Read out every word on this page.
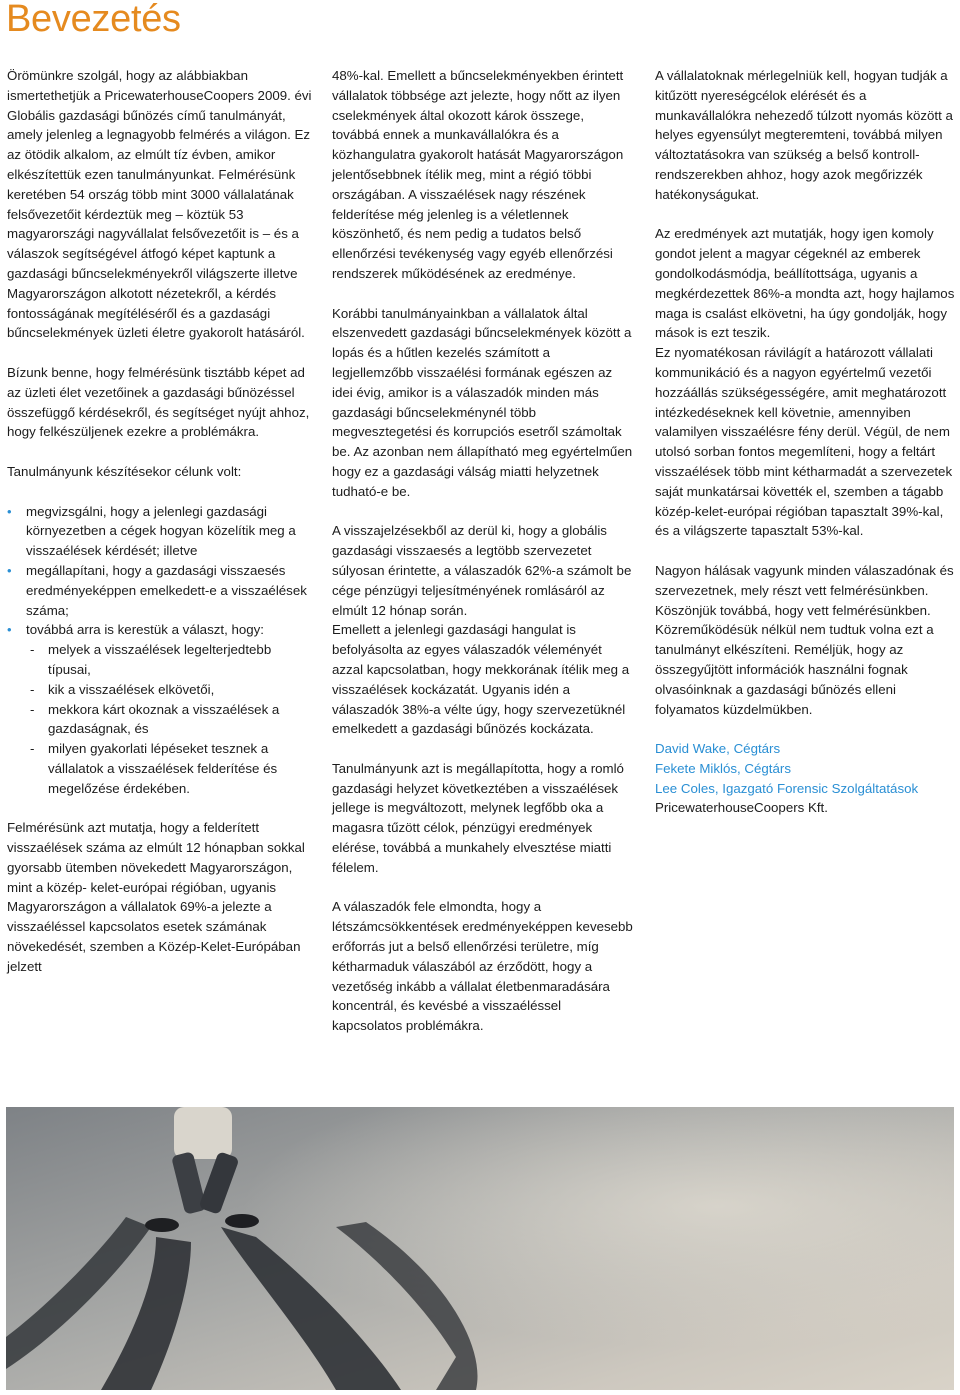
Bevezetés

Örömünkre szolgál, hogy az alábbiakban ismertethetjük a PricewaterhouseCoopers 2009. évi Globális gazdasági bűnözés című tanulmányát, amely jelenleg a legnagyobb felmérés a világon. Ez az ötödik alkalom, az elmúlt tíz évben, amikor elkészítettük ezen tanulmányunkat. Felmérésünk keretében 54 ország több mint 3000 vállalatának felsővezetőit kérdeztük meg – köztük 53 magyarországi nagyvállalat felsővezetőit is – és a válaszok segítségével átfogó képet kaptunk a gazdasági bűncselekményekről világszerte illetve Magyarországon alkotott nézetekről, a kérdés fontosságának megítéléséről és a gazdasági bűncselekmények üzleti életre gyakorolt hatásáról.

Bízunk benne, hogy felmérésünk tisztább képet ad az üzleti élet vezetőinek a gazdasági bűnözéssel összefüggő kérdésekről, és segítséget nyújt ahhoz, hogy felkészüljenek ezekre a problémákra.

Tanulmányunk készítésekor célunk volt:

•	megvizsgálni, hogy a jelenlegi gazdasági környezetben a cégek hogyan közelítik meg a visszaélések kérdését; illetve
•	megállapítani, hogy a gazdasági visszaesés eredményeképpen emelkedett-e a visszaélések száma;
•	továbbá arra is kerestük a választ, hogy:
-	melyek a visszaélések legelterjedtebb típusai,
-	kik a visszaélések elkövetői,
-	mekkora kárt okoznak a visszaélések a gazdaságnak, és
-	milyen gyakorlati lépéseket tesznek a vállalatok a visszaélések felderítése és megelőzése érdekében.

Felmérésünk azt mutatja, hogy a felderített visszaélések száma az elmúlt 12 hónapban sokkal gyorsabb ütemben növekedett Magyarországon, mint a közép- kelet-európai régióban, ugyanis Magyarországon a vállalatok 69%-a jelezte a visszaéléssel kapcsolatos esetek számának növekedését, szemben a Közép-Kelet-Európában jelzett

48%-kal. Emellett a bűncselekményekben érintett vállalatok többsége azt jelezte, hogy nőtt az ilyen cselekmények által okozott károk összege, továbbá ennek a munkavállalókra és a közhangulatra gyakorolt hatását Magyarországon jelentősebbnek ítélik meg, mint a régió többi országában. A visszaélések nagy részének felderítése még jelenleg is a véletlennek köszönhető, és nem pedig a tudatos belső ellenőrzési tevékenység vagy egyéb ellenőrzési rendszerek működésének az eredménye.

Korábbi tanulmányainkban a vállalatok által elszenvedett gazdasági bűncselekmények között a lopás és a hűtlen kezelés számított a legjellemzőbb visszaélési formának egészen az idei évig, amikor is a válaszadók minden más gazdasági bűncselekménynél több megvesztegetési és korrupciós esetről számoltak be. Az azonban nem állapítható meg egyértelműen hogy ez a gazdasági válság miatti helyzetnek tudható-e be.

A visszajelzésekből az derül ki, hogy a globális gazdasági visszaesés a legtöbb szervezetet súlyosan érintette, a válaszadók 62%-a számolt be cége pénzügyi teljesítményének romlásáról az elmúlt 12 hónap során.

Emellett a jelenlegi gazdasági hangulat is befolyásolta az egyes válaszadók véleményét azzal kapcsolatban, hogy mekkorának ítélik meg a visszaélések kockázatát. Ugyanis idén a válaszadók 38%-a vélte úgy, hogy szervezetüknél emelkedett a gazdasági bűnözés kockázata.

Tanulmányunk azt is megállapította, hogy a romló gazdasági helyzet következtében a visszaélések jellege is megváltozott, melynek legfőbb oka a magasra tűzött célok, pénzügyi eredmények elérése, továbbá a munkahely elvesztése miatti félelem.

A válaszadók fele elmondta, hogy a létszámcsökkentések eredményeképpen kevesebb erőforrás jut a belső ellenőrzési területre, míg kétharmaduk válaszából az érződött, hogy a vezetőség inkább a vállalat életbenmaradására koncentrál, és kevésbé a visszaéléssel kapcsolatos problémákra.

A vállalatoknak mérlegelniük kell, hogyan tudják a kitűzött nyereségcélok elérését és a munkavállalókra nehezedő túlzott nyomás között a helyes egyensúlyt megteremteni, továbbá milyen változtatásokra van szükség a belső kontroll-rendszerekben ahhoz, hogy azok megőrizzék hatékonyságukat.

Az eredmények azt mutatják, hogy igen komoly gondot jelent a magyar cégeknél az emberek gondolkodásmódja, beállítottsága, ugyanis a megkérdezettek 86%-a mondta azt, hogy hajlamos maga is csalást elkövetni, ha úgy gondolják, hogy mások is ezt teszik.

Ez nyomatékosan rávilágít a határozott vállalati kommunikáció és a nagyon egyértelmű vezetői hozzáállás szükségességére, amit meghatározott intézkedéseknek kell követnie, amennyiben valamilyen visszaélésre fény derül. Végül, de nem utolsó sorban fontos megemlíteni, hogy a feltárt visszaélések több mint kétharmadát a szervezetek saját munkatársai követték el, szemben a tágabb közép-kelet-európai régióban tapasztalt 39%-kal, és a világszerte tapasztalt 53%-kal.

Nagyon hálásak vagyunk minden válaszadónak és szervezetnek, mely részt vett felmérésünkben. Köszönjük továbbá, hogy vett felmérésünkben. Közreműködésük nélkül nem tudtuk volna ezt a tanulmányt elkészíteni. Reméljük, hogy az összegyűjtött információk használni fognak olvasóinknak a gazdasági bűnözés elleni folyamatos küzdelmükben.

David Wake, Cégtárs
Fekete Miklós, Cégtárs
Lee Coles, Igazgató Forensic Szolgáltatások
PricewaterhouseCoopers Kft.
